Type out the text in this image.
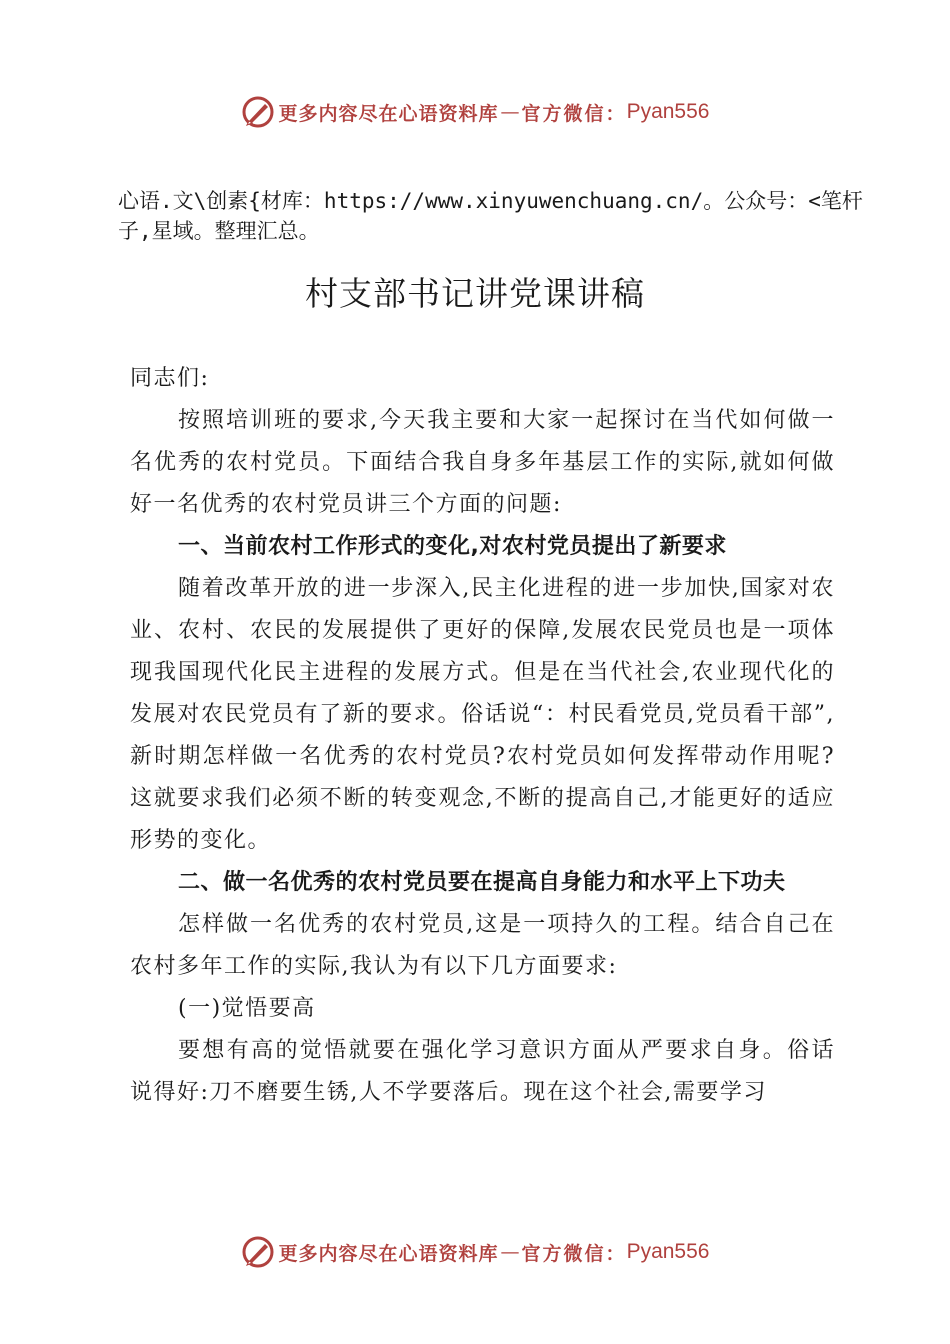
更多内容尽在心语资料库 — 官方微信： Pyan556
心语.文\创素{材库：https://www.xinyuwenchuang.cn/。公众号：<笔杆子,星域。整理汇总。
村支部书记讲党课讲稿

同志们:

按照培训班的要求,今天我主要和大家一起探讨在当代如何做一名优秀的农村党员。下面结合我自身多年基层工作的实际,就如何做好一名优秀的农村党员讲三个方面的问题:

一、当前农村工作形式的变化,对农村党员提出了新要求

随着改革开放的进一步深入,民主化进程的进一步加快,国家对农业、农村、农民的发展提供了更好的保障,发展农民党员也是一项体现我国现代化民主进程的发展方式。但是在当代社会,农业现代化的发展对农民党员有了新的要求。俗话说“：村民看党员,党员看干部”,新时期怎样做一名优秀的农村党员?农村党员如何发挥带动作用呢?这就要求我们必须不断的转变观念,不断的提高自己,才能更好的适应形势的变化。

二、做一名优秀的农村党员要在提高自身能力和水平上下功夫

怎样做一名优秀的农村党员,这是一项持久的工程。结合自己在农村多年工作的实际,我认为有以下几方面要求:

(一)觉悟要高

要想有高的觉悟就要在强化学习意识方面从严要求自身。俗话说得好:刀不磨要生锈,人不学要落后。现在这个社会,需要学习

更多内容尽在心语资料库 — 官方微信： Pyan556
